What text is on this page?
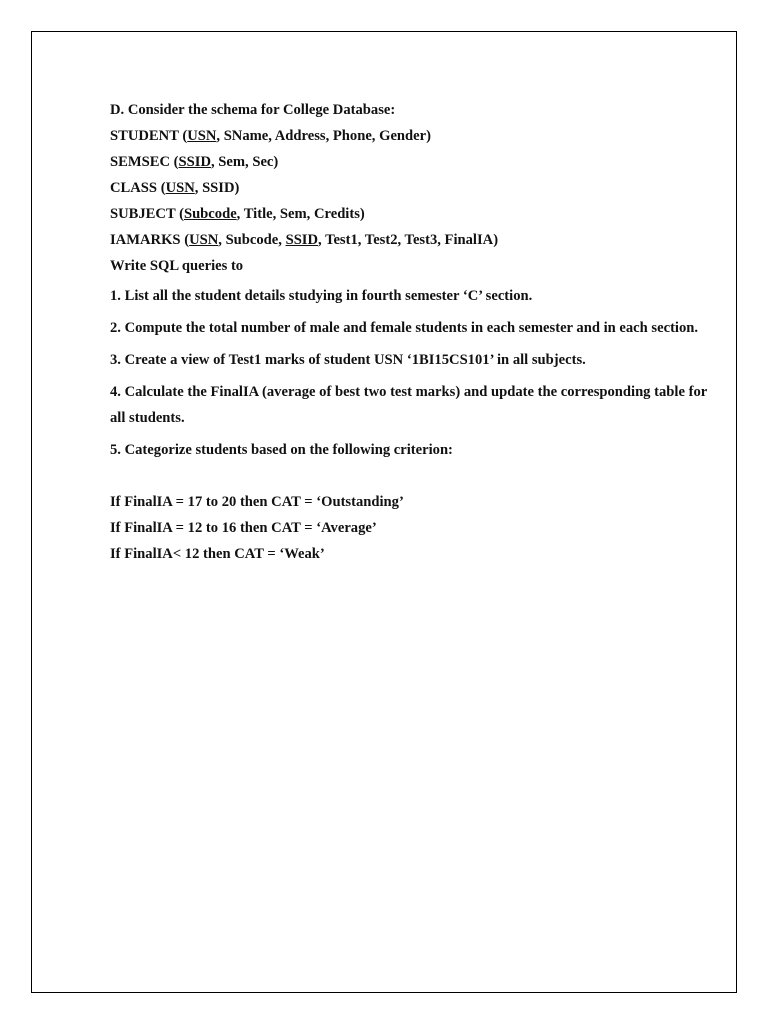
D. Consider the schema for College Database:
STUDENT (USN, SName, Address, Phone, Gender)
SEMSEC (SSID, Sem, Sec)
CLASS (USN, SSID)
SUBJECT (Subcode, Title, Sem, Credits)
IAMARKS (USN, Subcode, SSID, Test1, Test2, Test3, FinalIA)
Write SQL queries to
1. List all the student details studying in fourth semester ‘C’ section.
2. Compute the total number of male and female students in each semester and in each section.
3. Create a view of Test1 marks of student USN ‘1BI15CS101’ in all subjects.
4. Calculate the FinalIA (average of best two test marks) and update the corresponding table for all students.
5. Categorize students based on the following criterion:
If FinalIA = 17 to 20 then CAT = ‘Outstanding’
If FinalIA = 12 to 16 then CAT = ‘Average’
If FinalIA< 12 then CAT = ‘Weak’
